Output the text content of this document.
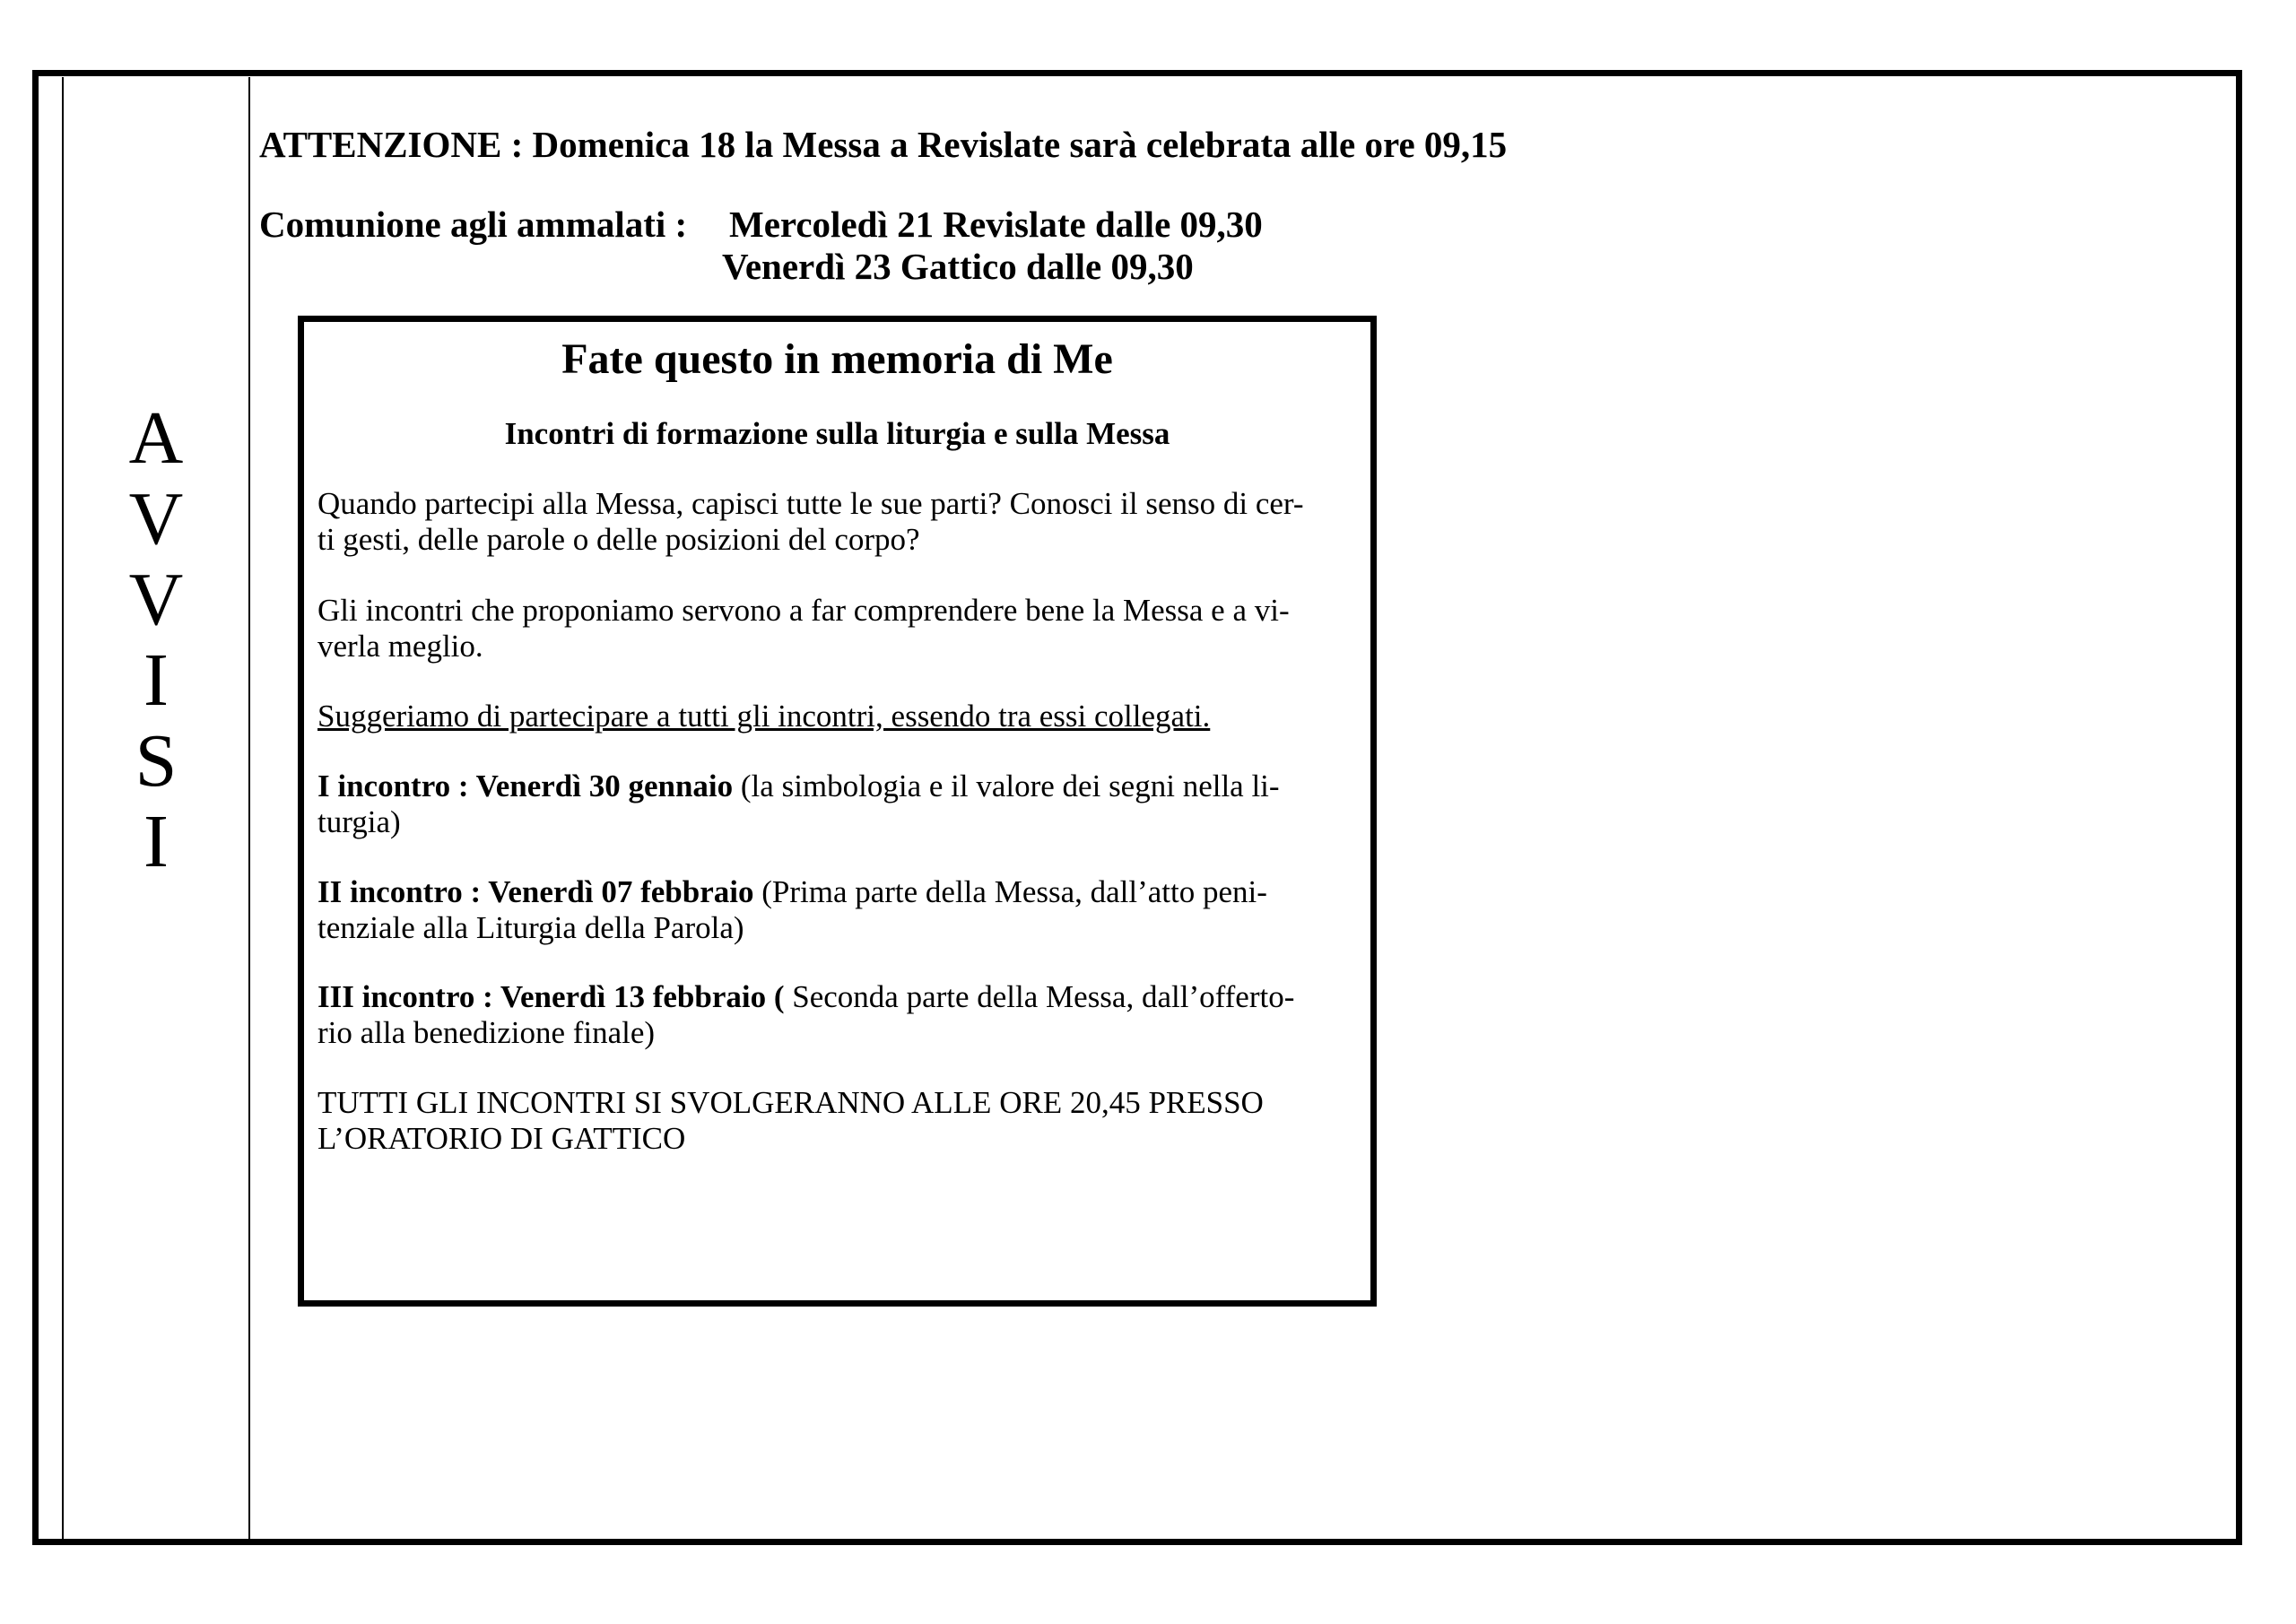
A
V
V
I
S
I
ATTENZIONE : Domenica 18 la Messa a Revislate sarà celebrata alle ore 09,15
Comunione agli ammalati : Mercoledì 21 Revislate dalle 09,30
Venerdì 23 Gattico dalle 09,30
Fate questo in memoria di Me
Incontri di formazione sulla liturgia e sulla Messa
Quando partecipi alla Messa, capisci tutte le sue parti? Conosci il senso di cer-
ti gesti, delle parole o delle posizioni del corpo?
Gli incontri che proponiamo servono a far comprendere bene la Messa e a vi-
verla meglio.
Suggeriamo di partecipare a tutti gli incontri, essendo tra essi collegati.
I incontro : Venerdì 30 gennaio (la simbologia e il valore dei segni nella li-
turgia)
II incontro : Venerdì 07 febbraio (Prima parte della Messa, dall’atto peni-
tenziale alla Liturgia della Parola)
III incontro : Venerdì 13 febbraio ( Seconda parte della Messa, dall’offerto-
rio alla benedizione finale)
TUTTI GLI INCONTRI SI SVOLGERANNO ALLE ORE 20,45 PRESSO
L’ORATORIO DI GATTICO
